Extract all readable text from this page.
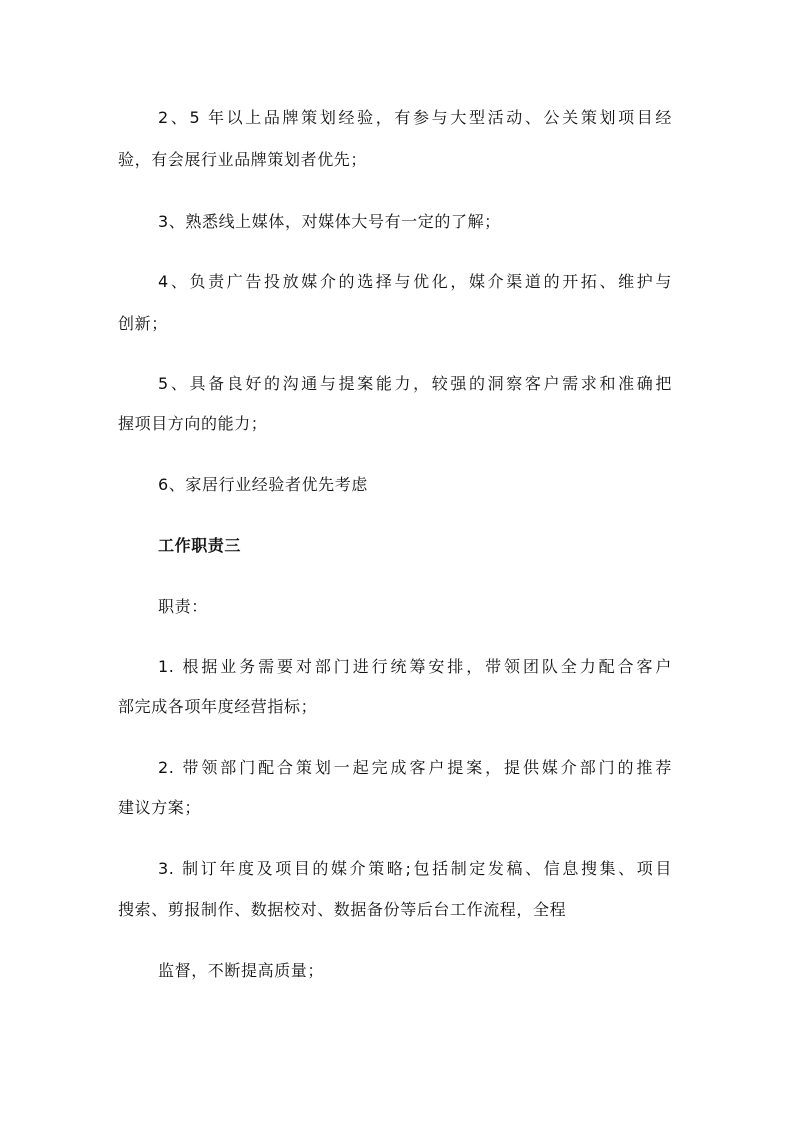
2、5 年以上品牌策划经验，有参与大型活动、公关策划项目经
验，有会展行业品牌策划者优先；
3、熟悉线上媒体，对媒体大号有一定的了解；
4、负责广告投放媒介的选择与优化，媒介渠道的开拓、维护与
创新；
5、具备良好的沟通与提案能力，较强的洞察客户需求和准确把
握项目方向的能力；
6、家居行业经验者优先考虑
工作职责三
职责：
1. 根据业务需要对部门进行统筹安排，带领团队全力配合客户
部完成各项年度经营指标；
2. 带领部门配合策划一起完成客户提案，提供媒介部门的推荐
建议方案；
3. 制订年度及项目的媒介策略;包括制定发稿、信息搜集、项目
搜索、剪报制作、数据校对、数据备份等后台工作流程，全程
监督，不断提高质量；
